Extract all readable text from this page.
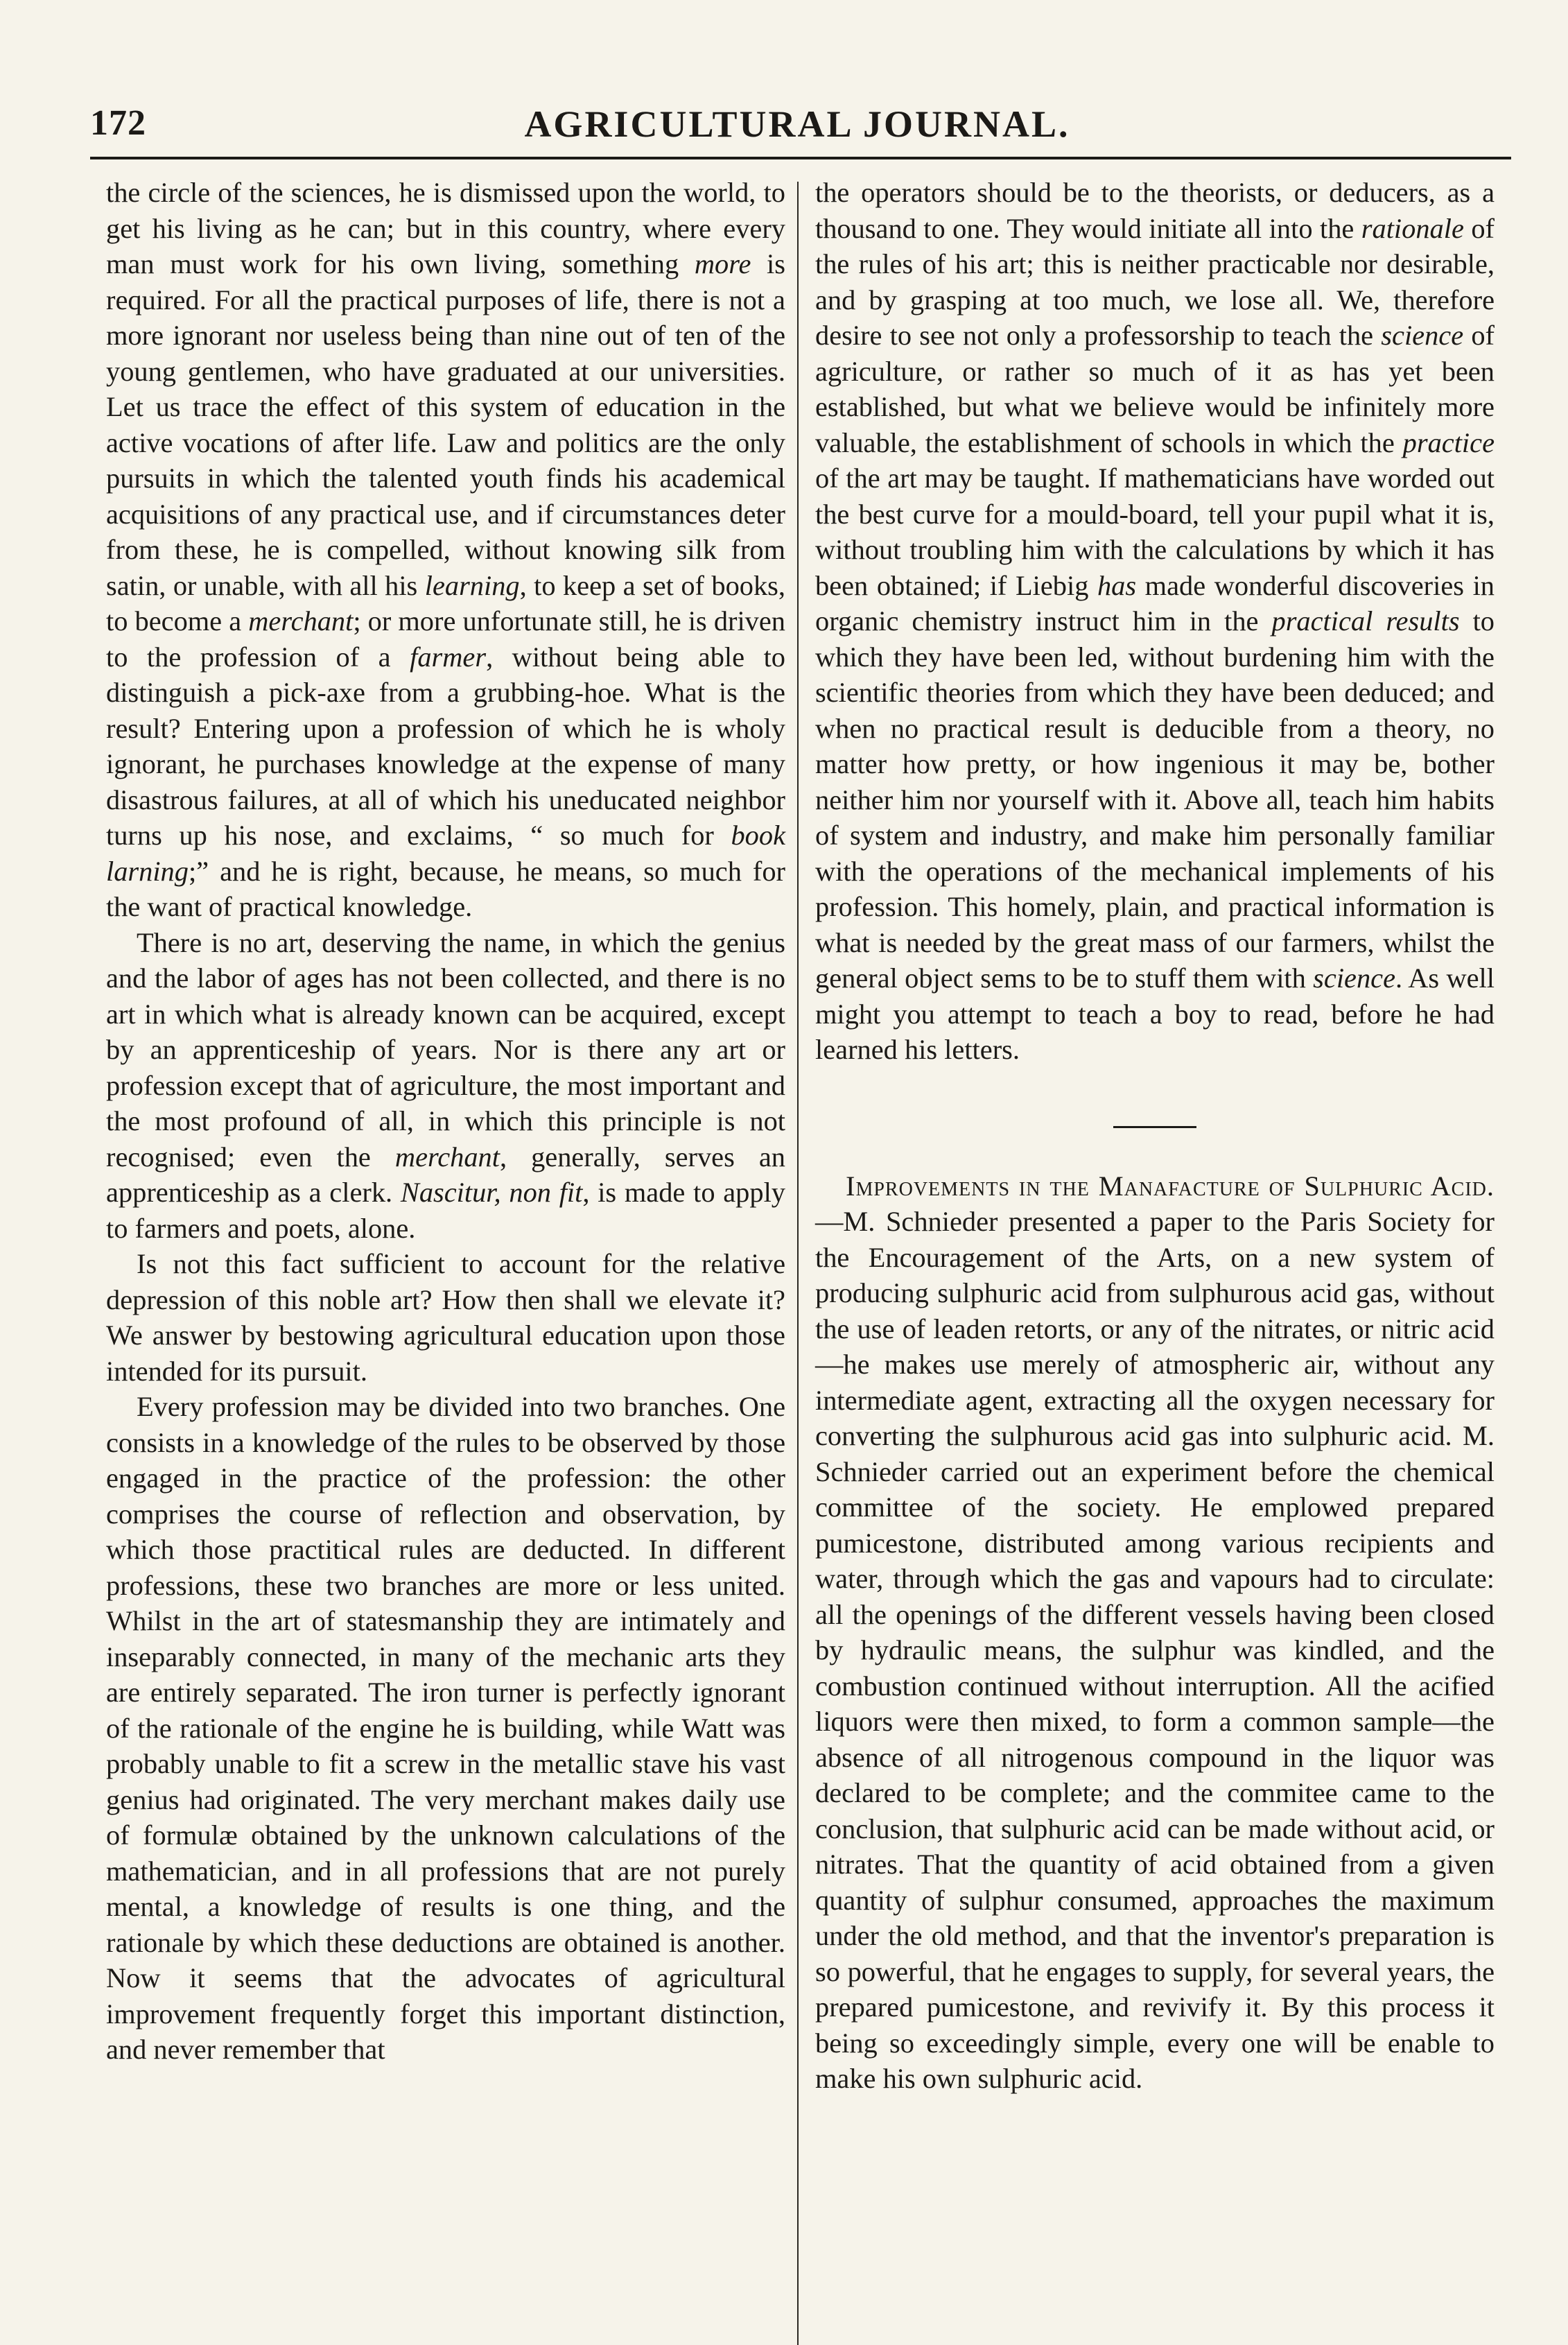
172	AGRICULTURAL JOURNAL.

the circle of the sciences, he is dismissed upon the world, to get his living as he can; but in this country, where every man must work for his own living, something more is required. For all the practical purposes of life, there is not a more ignorant nor useless being than nine out of ten of the young gentlemen, who have graduated at our universities. Let us trace the effect of this system of education in the active vocations of after life. Law and politics are the only pursuits in which the talented youth finds his academical acquisitions of any practical use, and if circumstances deter from these, he is compelled, without knowing silk from satin, or unable, with all his learning, to keep a set of books, to become a merchant; or more unfortunate still, he is driven to the profession of a farmer, without being able to distinguish a pick-axe from a grubbing-hoe. What is the result? Entering upon a profession of which he is wholy ignorant, he purchases knowledge at the expense of many disastrous failures, at all of which his uneducated neighbor turns up his nose, and exclaims, “ so much for book larning;” and he is right, because, he means, so much for the want of practical knowledge.

There is no art, deserving the name, in which the genius and the labor of ages has not been collected, and there is no art in which what is already known can be acquired, except by an apprenticeship of years. Nor is there any art or profession except that of agriculture, the most important and the most profound of all, in which this principle is not recognised; even the merchant, generally, serves an apprenticeship as a clerk. Nascitur, non fit, is made to apply to farmers and poets, alone.

Is not this fact sufficient to account for the relative depression of this noble art? How then shall we elevate it? We answer by bestowing agricultural education upon those intended for its pursuit.

Every profession may be divided into two branches. One consists in a knowledge of the rules to be observed by those engaged in the practice of the profession: the other comprises the course of reflection and observation, by which those practitical rules are deducted. In different professions, these two branches are more or less united. Whilst in the art of statesmanship they are intimately and inseparably connected, in many of the mechanic arts they are entirely separated. The iron turner is perfectly ignorant of the rationale of the engine he is building, while Watt was probably unable to fit a screw in the metallic stave his vast genius had originated. The very merchant makes daily use of formulæ obtained by the unknown calculations of the mathematician, and in all professions that are not purely mental, a knowledge of results is one thing, and the rationale by which these deductions are obtained is another. Now it seems that the advocates of agricultural improvement frequently forget this important distinction, and never remember that

the operators should be to the theorists, or deducers, as a thousand to one. They would initiate all into the rationale of the rules of his art; this is neither practicable nor desirable, and by grasping at too much, we lose all. We, therefore desire to see not only a professorship to teach the science of agriculture, or rather so much of it as has yet been established, but what we believe would be infinitely more valuable, the establishment of schools in which the practice of the art may be taught. If mathematicians have worded out the best curve for a mould-board, tell your pupil what it is, without troubling him with the calculations by which it has been obtained; if Liebig has made wonderful discoveries in organic chemistry instruct him in the practical results to which they have been led, without burdening him with the scientific theories from which they have been deduced; and when no practical result is deducible from a theory, no matter how pretty, or how ingenious it may be, bother neither him nor yourself with it. Above all, teach him habits of system and industry, and make him personally familiar with the operations of the mechanical implements of his profession. This homely, plain, and practical information is what is needed by the great mass of our farmers, whilst the general object sems to be to stuff them with science. As well might you attempt to teach a boy to read, before he had learned his letters.

Improvements in the Manafacture of Sulphuric Acid.—M. Schnieder presented a paper to the Paris Society for the Encouragement of the Arts, on a new system of producing sulphuric acid from sulphurous acid gas, without the use of leaden retorts, or any of the nitrates, or nitric acid—he makes use merely of atmospheric air, without any intermediate agent, extracting all the oxygen necessary for converting the sulphurous acid gas into sulphuric acid. M. Schnieder carried out an experiment before the chemical committee of the society. He emplowed prepared pumicestone, distributed among various recipients and water, through which the gas and vapours had to circulate: all the openings of the different vessels having been closed by hydraulic means, the sulphur was kindled, and the combustion continued without interruption. All the acified liquors were then mixed, to form a common sample—the absence of all nitrogenous compound in the liquor was declared to be complete; and the commitee came to the conclusion, that sulphuric acid can be made without acid, or nitrates. That the quantity of acid obtained from a given quantity of sulphur consumed, approaches the maximum under the old method, and that the inventor's preparation is so powerful, that he engages to supply, for several years, the prepared pumicestone, and revivify it. By this process it being so exceedingly simple, every one will be enable to make his own sulphuric acid.
